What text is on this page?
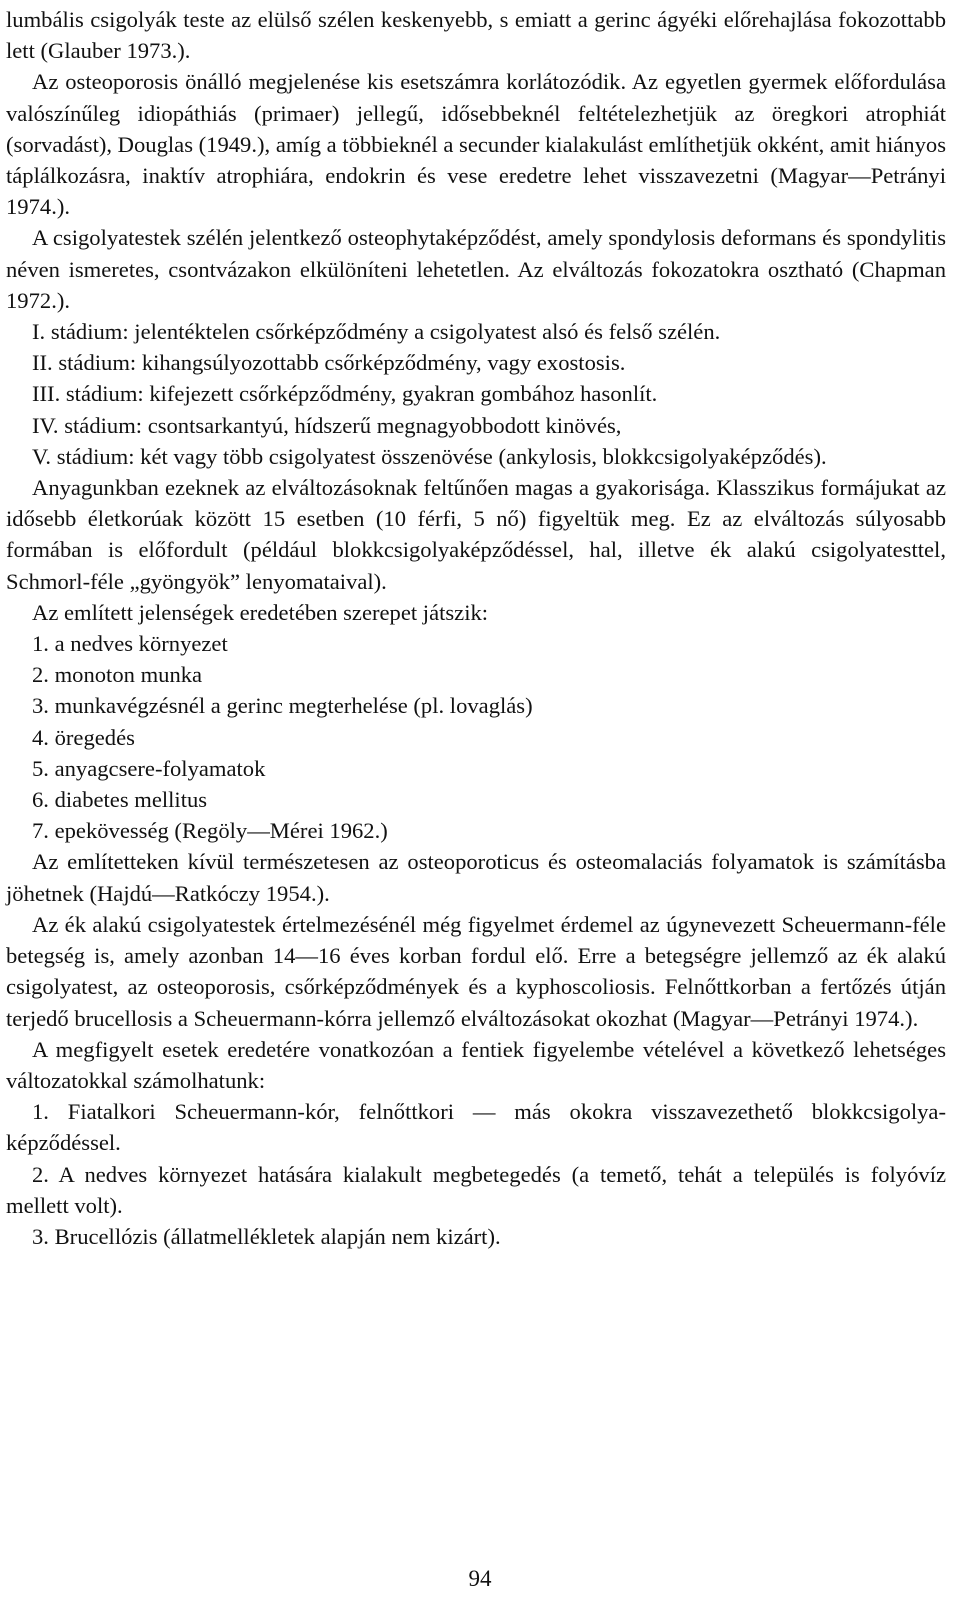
lumbális csigolyák teste az elülső szélen keskenyebb, s emiatt a gerinc ágyéki előrehajlása fokozottabb lett (Glauber 1973.).

Az osteoporosis önálló megjelenése kis esetszámra korlátozódik. Az egyetlen gyermek előfordulása valószínűleg idiopáthiás (primaer) jellegű, idősebbeknél feltételezhetjük az öregkori atrophiát (sorvadást), Douglas (1949.), amíg a többieknél a secunder kialakulást említhetjük okként, amit hiányos táplálkozásra, inaktív atrophiára, endokrin és vese eredetre lehet visszavezetni (Magyar—Petrányi 1974.).

A csigolyatestek szélén jelentkező osteophytaképződést, amely spondylosis deformans és spondylitis néven ismeretes, csontvázakon elkülöníteni lehetetlen. Az elváltozás fokozatokra osztható (Chapman 1972.).

I. stádium: jelentéktelen csőrképződmény a csigolyatest alsó és felső szélén.

II. stádium: kihangsúlyozottabb csőrképződmény, vagy exostosis.

III. stádium: kifejezett csőrképződmény, gyakran gombához hasonlít.

IV. stádium: csontsarkantyú, hídszerű megnagyobbodott kinövés,

V. stádium: két vagy több csigolyatest összenövése (ankylosis, blokkcsigolyaképződés).

Anyagunkban ezeknek az elváltozásoknak feltűnően magas a gyakorisága. Klasszikus formájukat az idősebb életkorúak között 15 esetben (10 férfi, 5 nő) figyeltük meg. Ez az elváltozás súlyosabb formában is előfordult (például blokkcsigolyaképződéssel, hal, illetve ék alakú csigolyatesttel, Schmorl-féle „gyöngyök” lenyomataival).

Az említett jelenségek eredetében szerepet játszik:

1. a nedves környezet

2. monoton munka

3. munkavégzésnél a gerinc megterhelése (pl. lovaglás)

4. öregedés

5. anyagcsere-folyamatok

6. diabetes mellitus

7. epekövesség (Regöly—Mérei 1962.)

Az említetteken kívül természetesen az osteoporoticus és osteomalaciás folyamatok is számításba jöhetnek (Hajdú—Ratkóczy 1954.).

Az ék alakú csigolyatestek értelmezésénél még figyelmet érdemel az úgynevezett Scheuermann-féle betegség is, amely azonban 14—16 éves korban fordul elő. Erre a betegségre jellemző az ék alakú csigolyatest, az osteoporosis, csőrképződmények és a kyphoscoliosis. Felnőttkorban a fertőzés útján terjedő brucellosis a Scheuermann-kórra jellemző elváltozásokat okozhat (Magyar—Petrányi 1974.).

A megfigyelt esetek eredetére vonatkozóan a fentiek figyelembe vételével a következő lehetséges változatokkal számolhatunk:

1. Fiatalkori Scheuermann-kór, felnőttkori — más okokra visszavezethető blokkcsigolya-képződéssel.

2. A nedves környezet hatására kialakult megbetegedés (a temető, tehát a település is folyóvíz mellett volt).

3. Brucellózis (állatmellékletek alapján nem kizárt).

94
